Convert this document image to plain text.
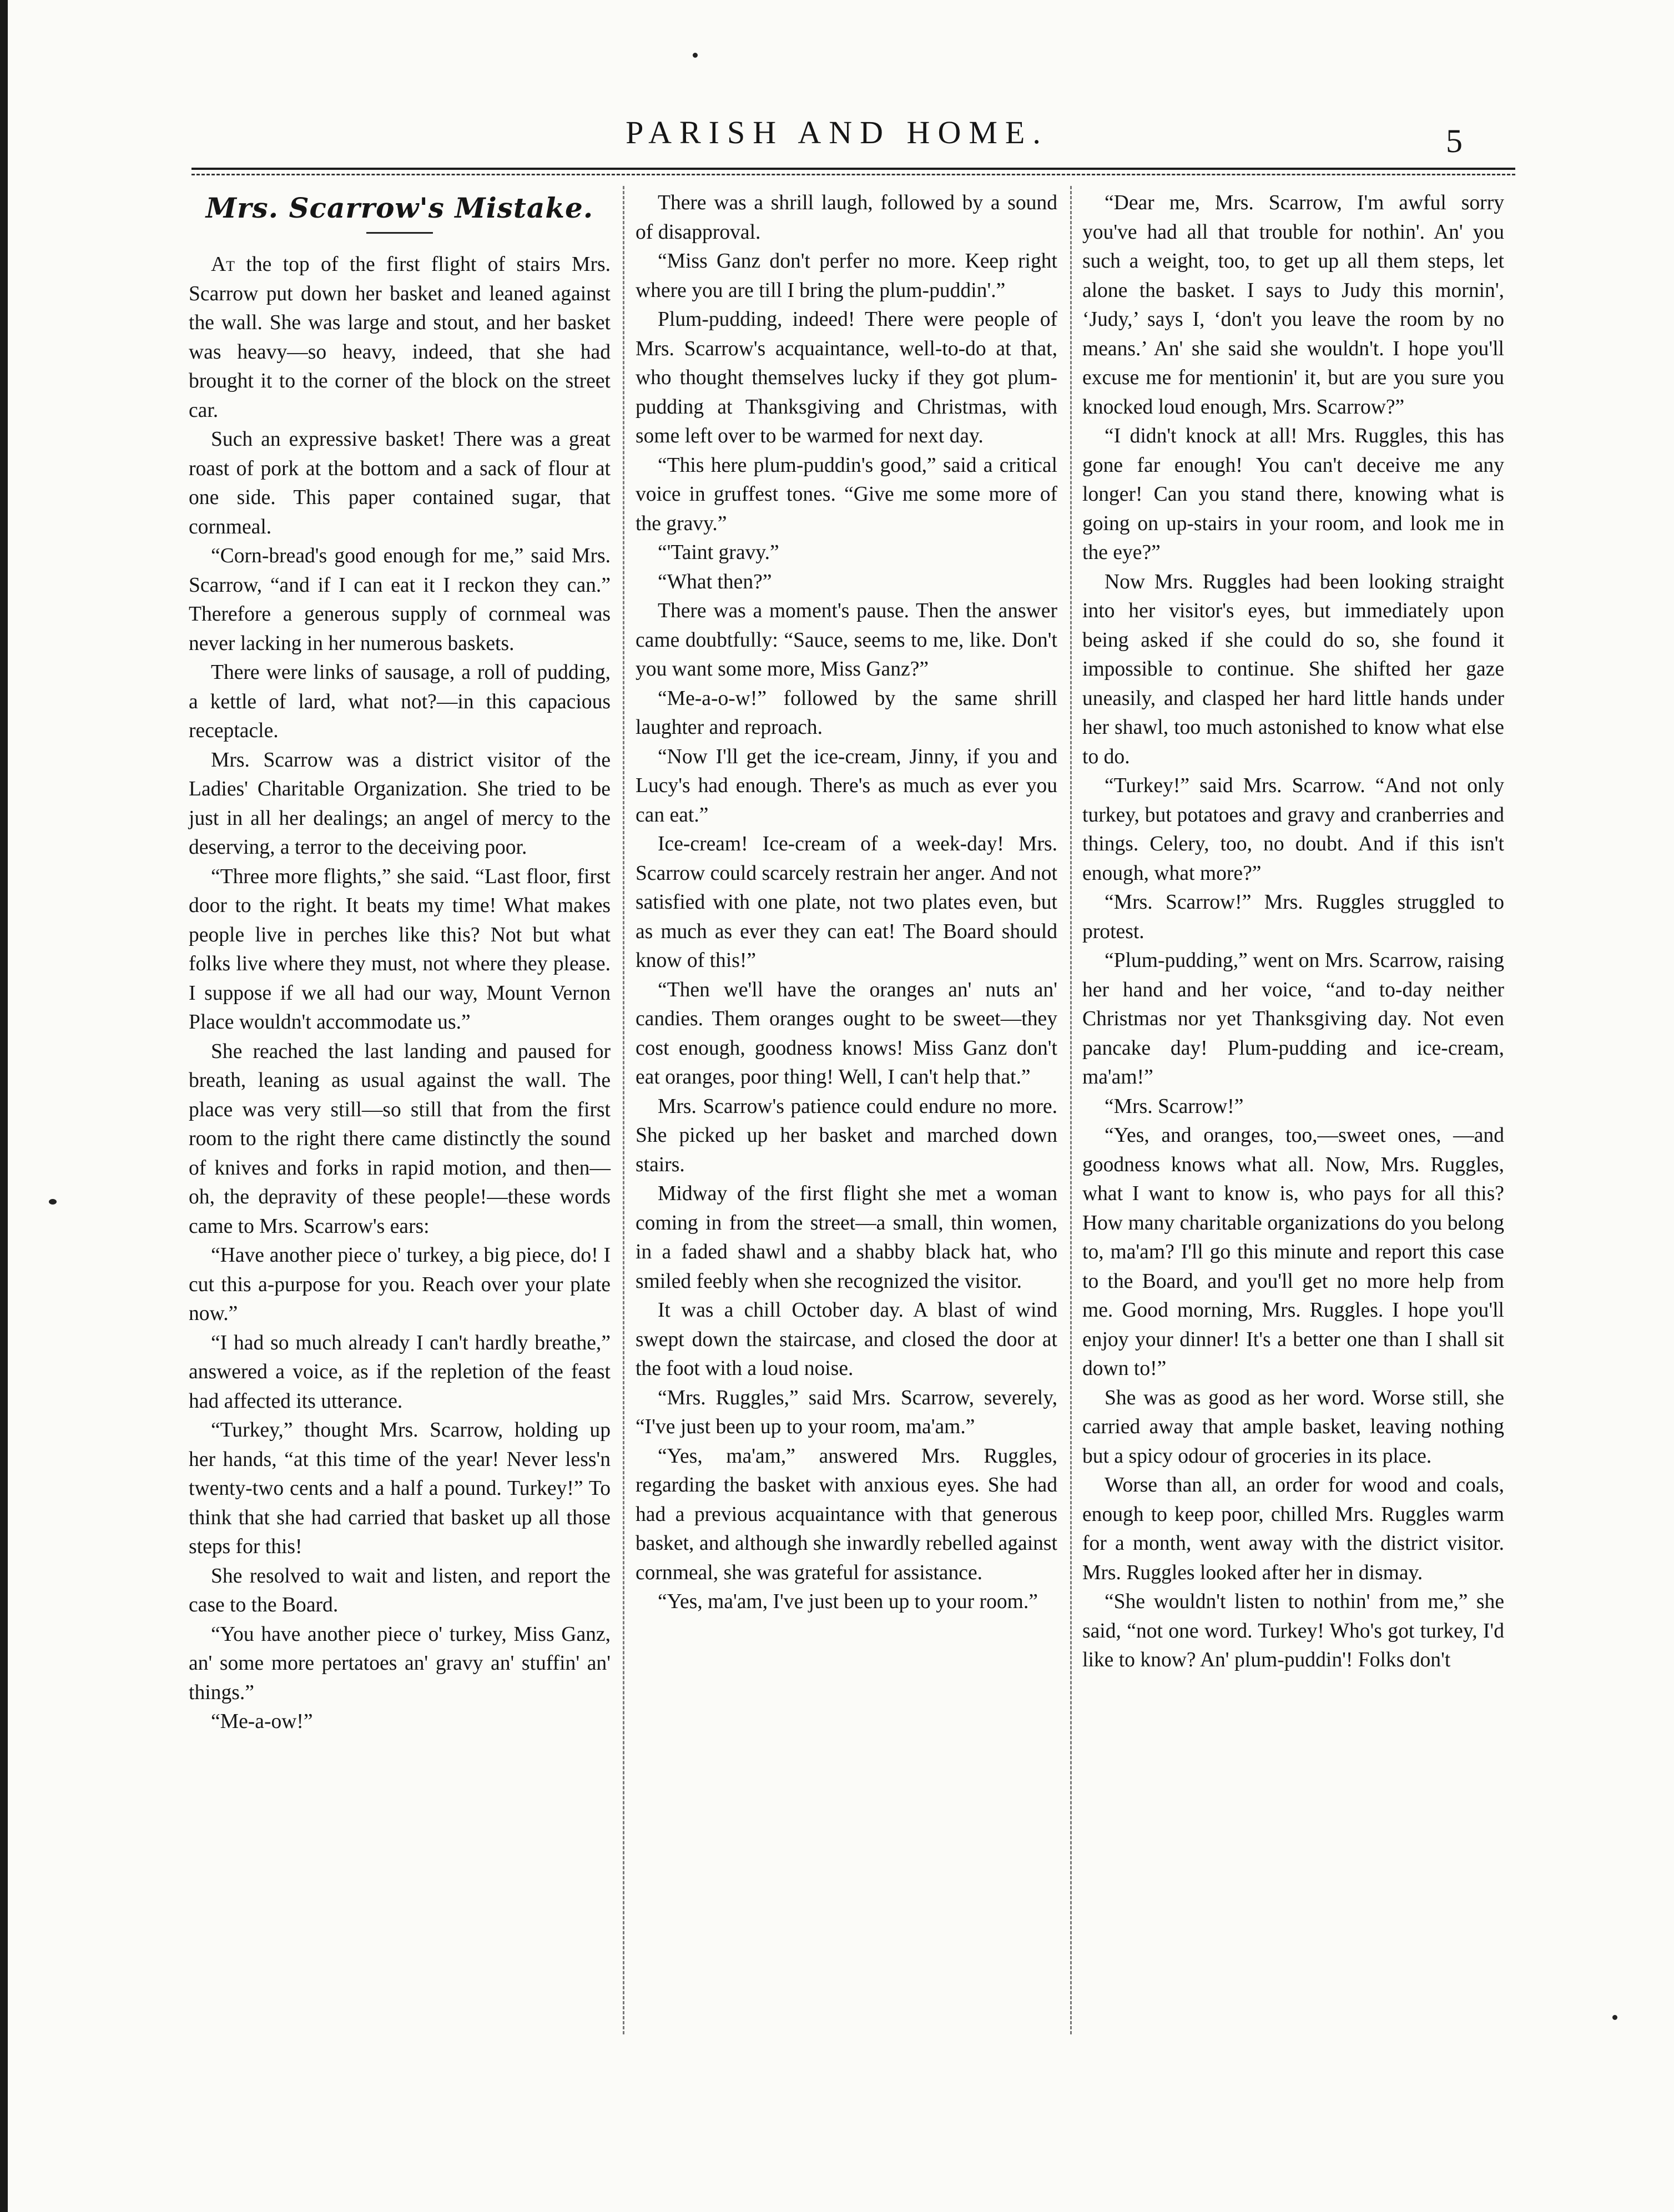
PARISH AND HOME.	5
Mrs. Scarrow's Mistake.

At the top of the first flight of stairs Mrs. Scarrow put down her basket and leaned against the wall. She was large and stout, and her basket was heavy—so heavy, indeed, that she had brought it to the corner of the block on the street car.

Such an expressive basket! There was a great roast of pork at the bottom and a sack of flour at one side. This paper contained sugar, that cornmeal.

“Corn-bread's good enough for me,” said Mrs. Scarrow, “and if I can eat it I reckon they can.” Therefore a generous supply of cornmeal was never lacking in her numerous baskets.

There were links of sausage, a roll of pudding, a kettle of lard, what not?—in this capacious receptacle.

Mrs. Scarrow was a district visitor of the Ladies' Charitable Organization. She tried to be just in all her dealings; an angel of mercy to the deserving, a terror to the deceiving poor.

“Three more flights,” she said. “Last floor, first door to the right. It beats my time! What makes people live in perches like this? Not but what folks live where they must, not where they please. I suppose if we all had our way, Mount Vernon Place wouldn't accommodate us.”

She reached the last landing and paused for breath, leaning as usual against the wall. The place was very still—so still that from the first room to the right there came distinctly the sound of knives and forks in rapid motion, and then—oh, the depravity of these people!—these words came to Mrs. Scarrow's ears:

“Have another piece o' turkey, a big piece, do! I cut this a-purpose for you. Reach over your plate now.”

“I had so much already I can't hardly breathe,” answered a voice, as if the repletion of the feast had affected its utterance.

“Turkey,” thought Mrs. Scarrow, holding up her hands, “at this time of the year! Never less'n twenty-two cents and a half a pound. Turkey!” To think that she had carried that basket up all those steps for this!

She resolved to wait and listen, and report the case to the Board.

“You have another piece o' turkey, Miss Ganz, an' some more pertatoes an' gravy an' stuffin' an' things.”

“Me-a-ow!”

There was a shrill laugh, followed by a sound of disapproval.

“Miss Ganz don't perfer no more. Keep right where you are till I bring the plum-puddin'.”

Plum-pudding, indeed! There were people of Mrs. Scarrow's acquaintance, well-to-do at that, who thought themselves lucky if they got plum-pudding at Thanksgiving and Christmas, with some left over to be warmed for next day.

“This here plum-puddin's good,” said a critical voice in gruffest tones. “Give me some more of the gravy.”

“'Taint gravy.”

“What then?”

There was a moment's pause. Then the answer came doubtfully: “Sauce, seems to me, like. Don't you want some more, Miss Ganz?”

“Me-a-o-w!” followed by the same shrill laughter and reproach.

“Now I'll get the ice-cream, Jinny, if you and Lucy's had enough. There's as much as ever you can eat.”

Ice-cream! Ice-cream of a week-day! Mrs. Scarrow could scarcely restrain her anger. And not satisfied with one plate, not two plates even, but as much as ever they can eat! The Board should know of this!”

“Then we'll have the oranges an' nuts an' candies. Them oranges ought to be sweet—they cost enough, goodness knows! Miss Ganz don't eat oranges, poor thing! Well, I can't help that.”

Mrs. Scarrow's patience could endure no more. She picked up her basket and marched down stairs.

Midway of the first flight she met a woman coming in from the street—a small, thin women, in a faded shawl and a shabby black hat, who smiled feebly when she recognized the visitor.

It was a chill October day. A blast of wind swept down the staircase, and closed the door at the foot with a loud noise.

“Mrs. Ruggles,” said Mrs. Scarrow, severely, “I've just been up to your room, ma'am.”

“Yes, ma'am,” answered Mrs. Ruggles, regarding the basket with anxious eyes. She had had a previous acquaintance with that generous basket, and although she inwardly rebelled against cornmeal, she was grateful for assistance.

“Yes, ma'am, I've just been up to your room.”

“Dear me, Mrs. Scarrow, I'm awful sorry you've had all that trouble for nothin'. An' you such a weight, too, to get up all them steps, let alone the basket. I says to Judy this mornin', ‘Judy,’ says I, ‘don't you leave the room by no means.’ An' she said she wouldn't. I hope you'll excuse me for mentionin' it, but are you sure you knocked loud enough, Mrs. Scarrow?”

“I didn't knock at all! Mrs. Ruggles, this has gone far enough! You can't deceive me any longer! Can you stand there, knowing what is going on up-stairs in your room, and look me in the eye?”

Now Mrs. Ruggles had been looking straight into her visitor's eyes, but immediately upon being asked if she could do so, she found it impossible to continue. She shifted her gaze uneasily, and clasped her hard little hands under her shawl, too much astonished to know what else to do.

“Turkey!” said Mrs. Scarrow. “And not only turkey, but potatoes and gravy and cranberries and things. Celery, too, no doubt. And if this isn't enough, what more?”

“Mrs. Scarrow!” Mrs. Ruggles struggled to protest.

“Plum-pudding,” went on Mrs. Scarrow, raising her hand and her voice, “and to-day neither Christmas nor yet Thanksgiving day. Not even pancake day! Plum-pudding and ice-cream, ma'am!”

“Mrs. Scarrow!”

“Yes, and oranges, too,—sweet ones, —and goodness knows what all. Now, Mrs. Ruggles, what I want to know is, who pays for all this? How many charitable organizations do you belong to, ma'am? I'll go this minute and report this case to the Board, and you'll get no more help from me. Good morning, Mrs. Ruggles. I hope you'll enjoy your dinner! It's a better one than I shall sit down to!”

She was as good as her word. Worse still, she carried away that ample basket, leaving nothing but a spicy odour of groceries in its place.

Worse than all, an order for wood and coals, enough to keep poor, chilled Mrs. Ruggles warm for a month, went away with the district visitor. Mrs. Ruggles looked after her in dismay.

“She wouldn't listen to nothin' from me,” she said, “not one word. Turkey! Who's got turkey, I'd like to know? An' plum-puddin'! Folks don't
